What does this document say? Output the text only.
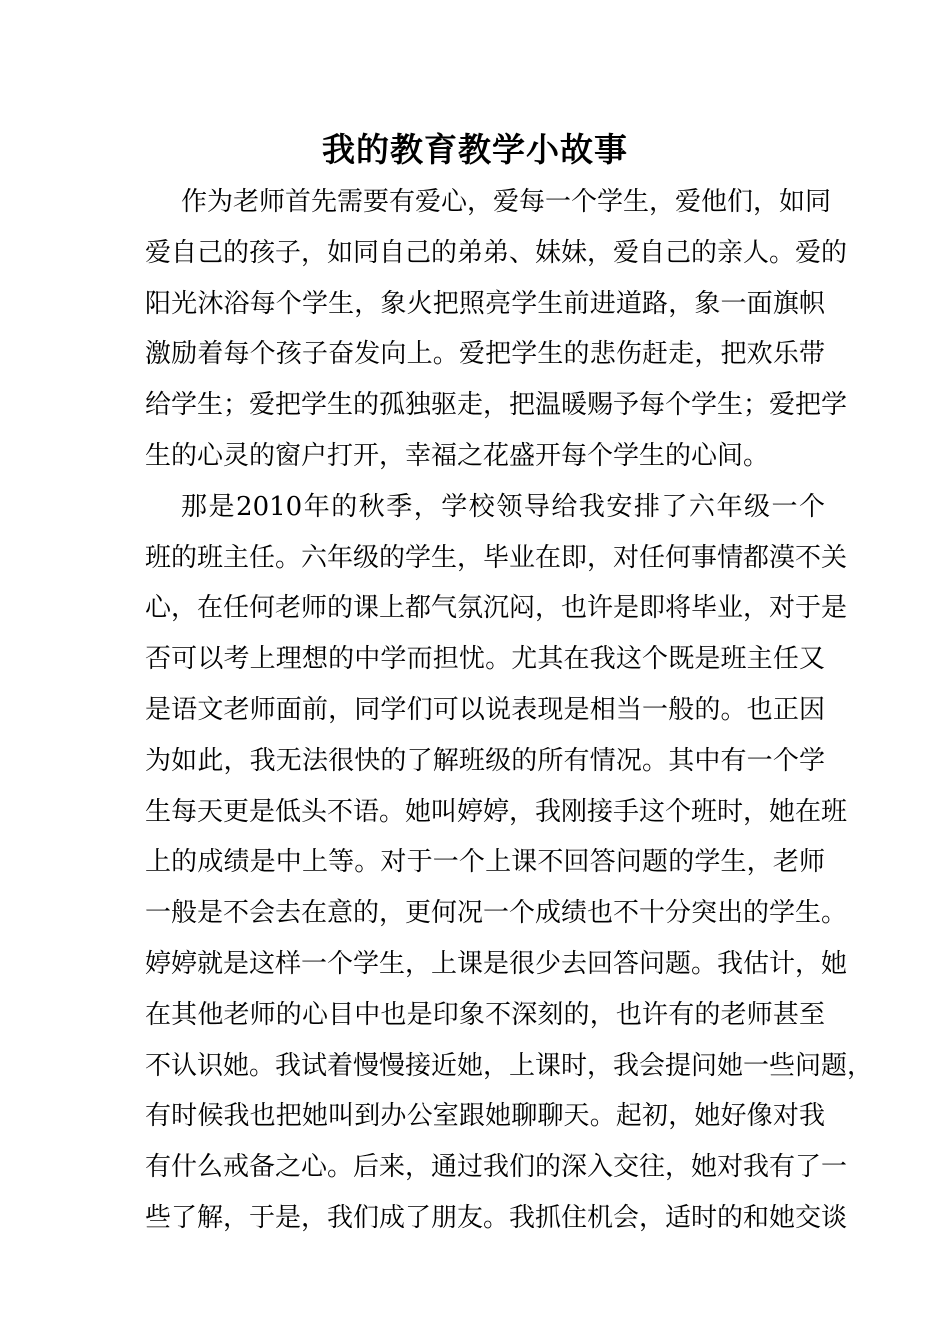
我的教育教学小故事
作为老师首先需要有爱心，爱每一个学生，爱他们，如同
爱自己的孩子，如同自己的弟弟、妹妹，爱自己的亲人。爱的
阳光沐浴每个学生，象火把照亮学生前进道路，象一面旗帜
激励着每个孩子奋发向上。爱把学生的悲伤赶走，把欢乐带
给学生；爱把学生的孤独驱走，把温暖赐予每个学生；爱把学
生的心灵的窗户打开，幸福之花盛开每个学生的心间。
那是2010年的秋季，学校领导给我安排了六年级一个
班的班主任。六年级的学生，毕业在即，对任何事情都漠不关
心，在任何老师的课上都气氛沉闷，也许是即将毕业，对于是
否可以考上理想的中学而担忧。尤其在我这个既是班主任又
是语文老师面前，同学们可以说表现是相当一般的。也正因
为如此，我无法很快的了解班级的所有情况。其中有一个学
生每天更是低头不语。她叫婷婷，我刚接手这个班时，她在班
上的成绩是中上等。对于一个上课不回答问题的学生，老师
一般是不会去在意的，更何况一个成绩也不十分突出的学生。
婷婷就是这样一个学生，上课是很少去回答问题。我估计，她
在其他老师的心目中也是印象不深刻的，也许有的老师甚至
不认识她。我试着慢慢接近她，上课时，我会提问她一些问题，
有时候我也把她叫到办公室跟她聊聊天。起初，她好像对我
有什么戒备之心。后来，通过我们的深入交往，她对我有了一
些了解，于是，我们成了朋友。我抓住机会，适时的和她交谈
